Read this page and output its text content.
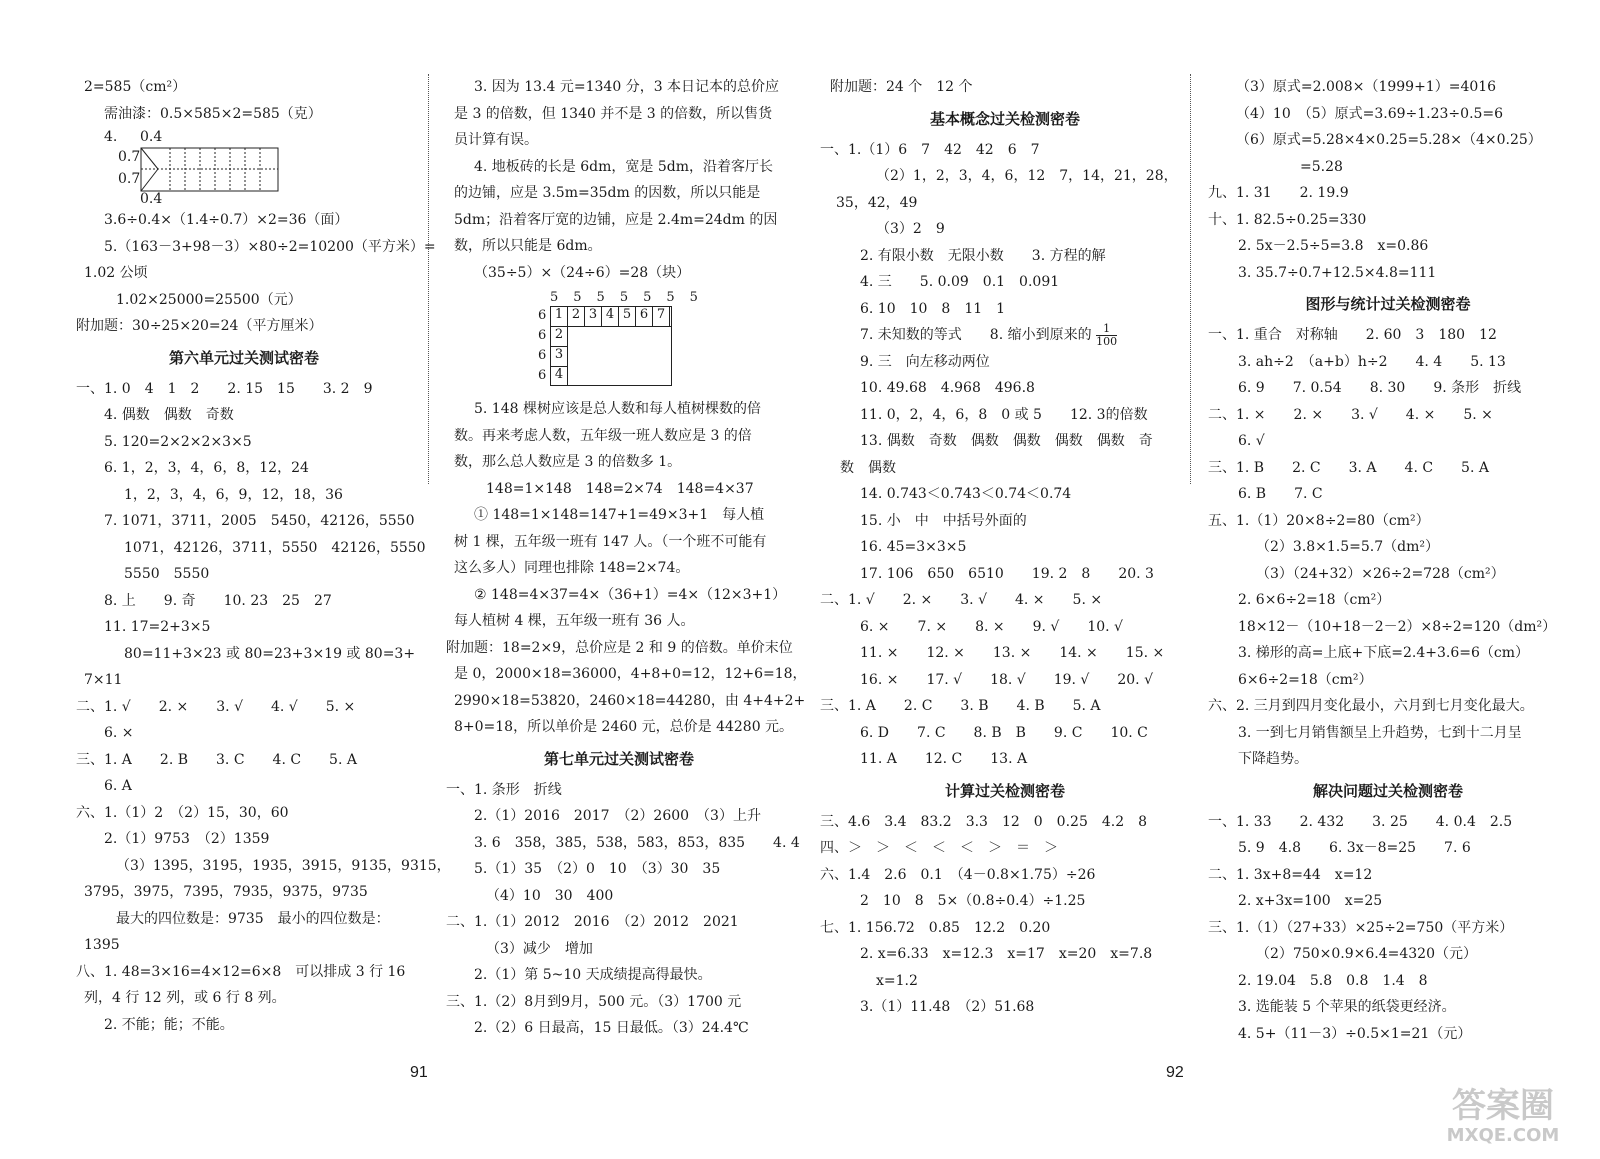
2=585（cm²）
需油漆：0.5×585×2=585（克）
4. 0.4
0.7
0.7
0.4
3.6÷0.4×（1.4÷0.7）×2=36（面）
5.（163－3+98－3）×80÷2=10200（平方米）=
1.02 公顷
1.02×25000=25500（元）
附加题：30÷25×20=24（平方厘米）
第六单元过关测试密卷
一、1. 0　4　1　2　　2. 15　15　　3. 2　9
4. 偶数　偶数　奇数
5. 120=2×2×2×3×5
6. 1，2，3，4，6，8，12，24
1，2，3，4，6，9，12，18，36
7. 1071，3711，2005　5450，42126，5550
1071，42126，3711，5550　42126，5550
5550　5550
8. 上　　9. 奇　　10. 23　25　27
11. 17=2+3×5
80=11+3×23 或 80=23+3×19 或 80=3+
7×11
二、1. √　　2. ×　　3. √　　4. √　　5. ×
6. ×
三、1. A　　2. B　　3. C　　4. C　　5. A
6. A
六、1.（1）2　（2）15，30，60
2.（1）9753　（2）1359
（3）1395，3195，1935，3915，9135，9315，
3795，3975，7395，7935，9375，9735
最大的四位数是：9735　最小的四位数是：
1395
八、1. 48=3×16=4×12=6×8　可以排成 3 行 16
列，4 行 12 列，或 6 行 8 列。
2. 不能；能；不能。
3. 因为 13.4 元=1340 分，3 本日记本的总价应
是 3 的倍数，但 1340 并不是 3 的倍数，所以售货
员计算有误。
4. 地板砖的长是 6dm，宽是 5dm，沿着客厅长
的边铺，应是 3.5m=35dm 的因数，所以只能是
5dm；沿着客厅宽的边铺，应是 2.4m=24dm 的因
数，所以只能是 6dm。
（35÷5）×（24÷6）=28（块）
5　5　5　5　5　5　5
6
6
6
6
1 2 3 4 5 6 7
2
3
4
5. 148 棵树应该是总人数和每人植树棵数的倍
数。再来考虑人数，五年级一班人数应是 3 的倍
数，那么总人数应是 3 的倍数多 1。
148=1×148　148=2×74　148=4×37
① 148=1×148=147+1=49×3+1　每人植
树 1 棵，五年级一班有 147 人。（一个班不可能有
这么多人）同理也排除 148=2×74。
② 148=4×37=4×（36+1）=4×（12×3+1）
每人植树 4 棵，五年级一班有 36 人。
附加题：18=2×9，总价应是 2 和 9 的倍数。单价末位
是 0，2000×18=36000，4+8+0=12，12+6=18，
2990×18=53820，2460×18=44280，由 4+4+2+
8+0=18，所以单价是 2460 元，总价是 44280 元。
第七单元过关测试密卷
一、1. 条形　折线
2.（1）2016　2017　（2）2600　（3）上升
3. 6　358，385，538，583，853，835　　4. 4
5.（1）35　（2）0　10　（3）30　35
（4）10　30　400
二、1.（1）2012　2016　（2）2012　2021
（3）减少　增加
2.（1）第 5~10 天成绩提高得最快。
三、1.（2）8月到9月，500 元。（3）1700 元
2.（2）6 日最高，15 日最低。（3）24.4℃
附加题：24 个　12 个
基本概念过关检测密卷
一、1.（1）6　7　42　42　6　7
（2）1，2，3，4，6，12　7，14，21，28，
35，42，49
（3）2　9
2. 有限小数　无限小数　　3. 方程的解
4. 三　　5. 0.09̇　0.1　0.091
6. 10　10　8　11　1
7. 未知数的等式　　8. 缩小到原来的 $\frac{1}{100}$
9. 三　向左移动两位
10. 49.68　4.968　496.8
11. 0，2，4，6，8　0 或 5　　12. 3的倍数
13. 偶数　奇数　偶数　偶数　偶数　偶数　奇
数　偶数
14. 0.743＜0.7̇43̇＜0.74̇＜0.7̇4̇
15. 小　中　中括号外面的
16. 45=3×3×5
17. 106　650　6510　　19. 2　8　　20. 3
二、1. √　　2. ×　　3. √　　4. ×　　5. ×
6. ×　　7. ×　　8. ×　　9. √　　10. √
11. ×　　12. ×　　13. ×　　14. ×　　15. ×
16. ×　　17. √　　18. √　　19. √　　20. √
三、1. A　　2. C　　3. B　　4. B　　5. A
6. D　　7. C　　8. B　B　　9. C　　10. C
11. A　　12. C　　13. A
计算过关检测密卷
三、4.6　3.4　83.2　3.3　12　0　0.25　4.2　8
四、＞　＞　＜　＜　＜　＞　＝　＞
六、1.4　2.6　0.1　（4－0.8×1.75）÷26
2　10　8　5×（0.8÷0.4）÷1.25
七、1. 156.72　0.85　12.2　0.20
2. x=6.33　x=12.3　x=17　x=20　x=7.8
x=1.2
3.（1）11.48　（2）51.68
（3）原式=2.008×（1999+1）=4016
（4）10　（5）原式=3.69÷1.23÷0.5=6
（6）原式=5.28×4×0.25=5.28×（4×0.25）
=5.28
九、1. 31　　2. 19.9
十、1. 82.5÷0.25=330
2. 5x－2.5÷5=3.8　x=0.86
3. 35.7÷0.7+12.5×4.8=111
图形与统计过关检测密卷
一、1. 重合　对称轴　　2. 60　3　180　12
3. ah÷2　（a+b）h÷2　　4. 4　　5. 13
6. 9　　7. 0.54　　8. 30　　9. 条形　折线
二、1. ×　　2. ×　　3. √　　4. ×　　5. ×
6. √
三、1. B　　2. C　　3. A　　4. C　　5. A
6. B　　7. C
五、1.（1）20×8÷2=80（cm²）
（2）3.8×1.5=5.7（dm²）
（3）（24+32）×26÷2=728（cm²）
2. 6×6÷2=18（cm²）
18×12－（10+18－2－2）×8÷2=120（dm²）
3. 梯形的高=上底+下底=2.4+3.6=6（cm）
6×6÷2=18（cm²）
六、2. 三月到四月变化最小，六月到七月变化最大。
3. 一到七月销售额呈上升趋势，七到十二月呈
下降趋势。
解决问题过关检测密卷
一、1. 33　　2. 432　　3. 25　　4. 0.4　2.5
5. 9　4.8　　6. 3x－8=25　　7. 6
二、1. 3x+8=44　x=12
2. x+3x=100　x=25
三、1.（1）（27+33）×25÷2=750（平方米）
（2）750×0.9×6.4=4320（元）
2. 19.04　5.8　0.8　1.4　8
3. 选能装 5 个苹果的纸袋更经济。
4. 5+（11－3）÷0.5×1=21（元）
91	92
答案圈
MXQE.COM
